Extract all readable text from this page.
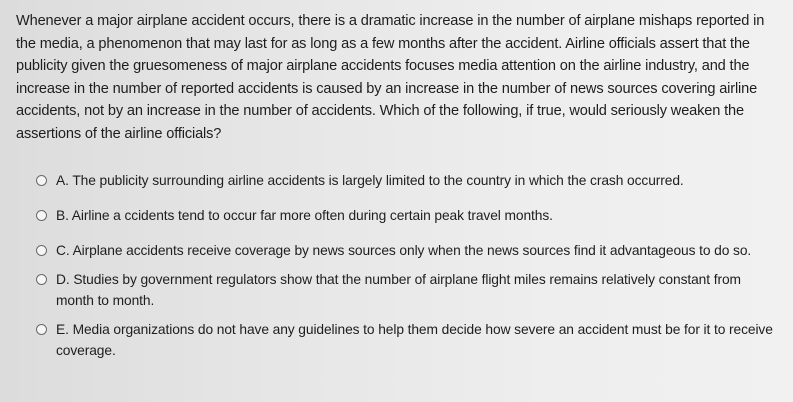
Whenever a major airplane accident occurs, there is a dramatic increase in the number of airplane mishaps reported in the media, a phenomenon that may last for as long as a few months after the accident. Airline officials assert that the publicity given the gruesomeness of major airplane accidents focuses media attention on the airline industry, and the increase in the number of reported accidents is caused by an increase in the number of news sources covering airline accidents, not by an increase in the number of accidents. Which of the following, if true, would seriously weaken the assertions of the airline officials?

A. The publicity surrounding airline accidents is largely limited to the country in which the crash occurred.
B. Airline a ccidents tend to occur far more often during certain peak travel months.
C. Airplane accidents receive coverage by news sources only when the news sources find it advantageous to do so.
D. Studies by government regulators show that the number of airplane flight miles remains relatively constant from month to month.
E. Media organizations do not have any guidelines to help them decide how severe an accident must be for it to receive coverage.
